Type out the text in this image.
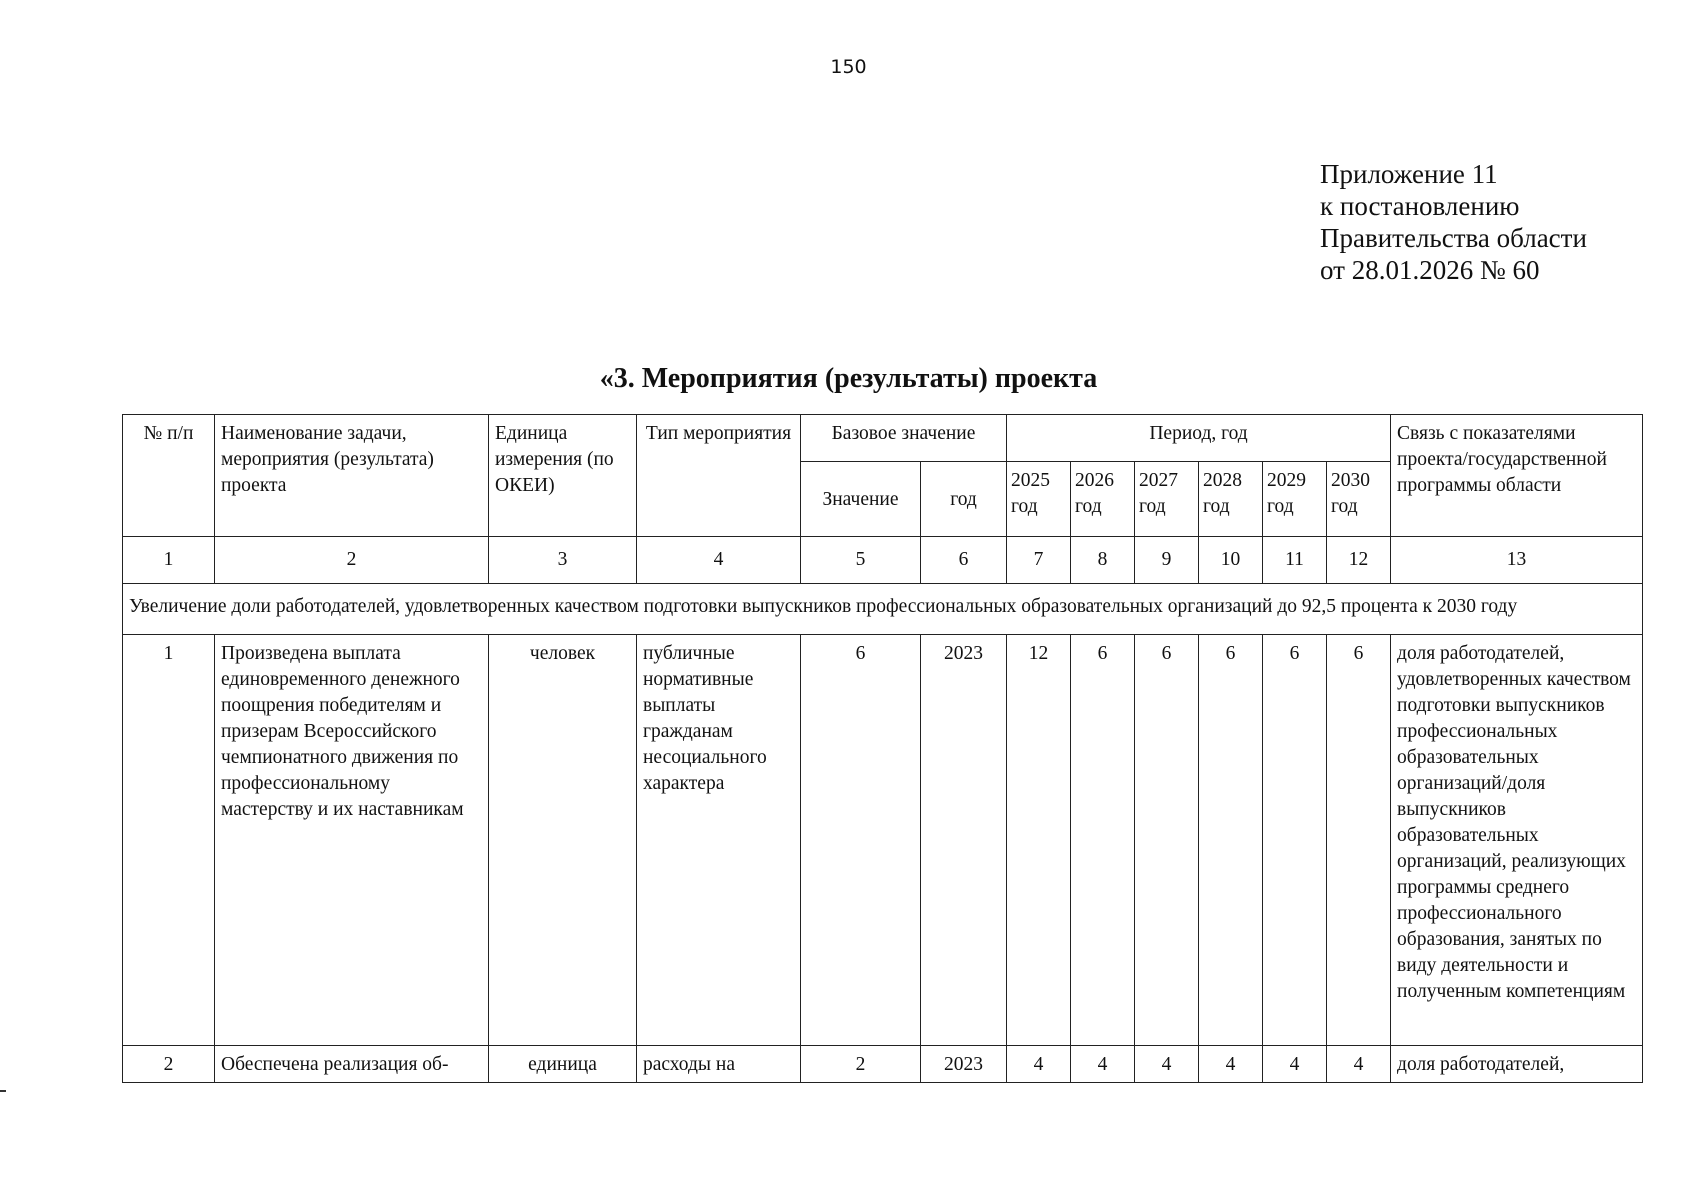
150
Приложение 11
к постановлению
Правительства области
от 28.01.2026 № 60
«3. Мероприятия (результаты) проекта
№ п/п	Наименование задачи, мероприятия (результата) проекта	Единица измерения (по ОКЕИ)	Тип мероприятия	Базовое значение		Период, год						Связь с показателями проекта/государственной программы области
				Значение	год	2025 год	2026 год	2027 год	2028 год	2029 год	2030 год	
1	2	3	4	5	6	7	8	9	10	11	12	13
Увеличение доли работодателей, удовлетворенных качеством подготовки выпускников профессиональных образовательных организаций до 92,5 процента к 2030 году												
1	Произведена выплата единовременного денежного поощрения победителям и призерам Всероссийского чемпионатного движения по профессиональному мастерству и их наставникам	человек	публичные нормативные выплаты гражданам несоциального характера	6	2023	12	6	6	6	6	6	доля работодателей, удовлетворенных качеством подготовки выпускников профессиональных образовательных организаций/доля выпускников образовательных организаций, реализующих программы среднего профессионального образования, занятых по виду деятельности и полученным компетенциям
2	Обеспечена реализация об-	единица	расходы на	2	2023	4	4	4	4	4	4	доля работодателей,
